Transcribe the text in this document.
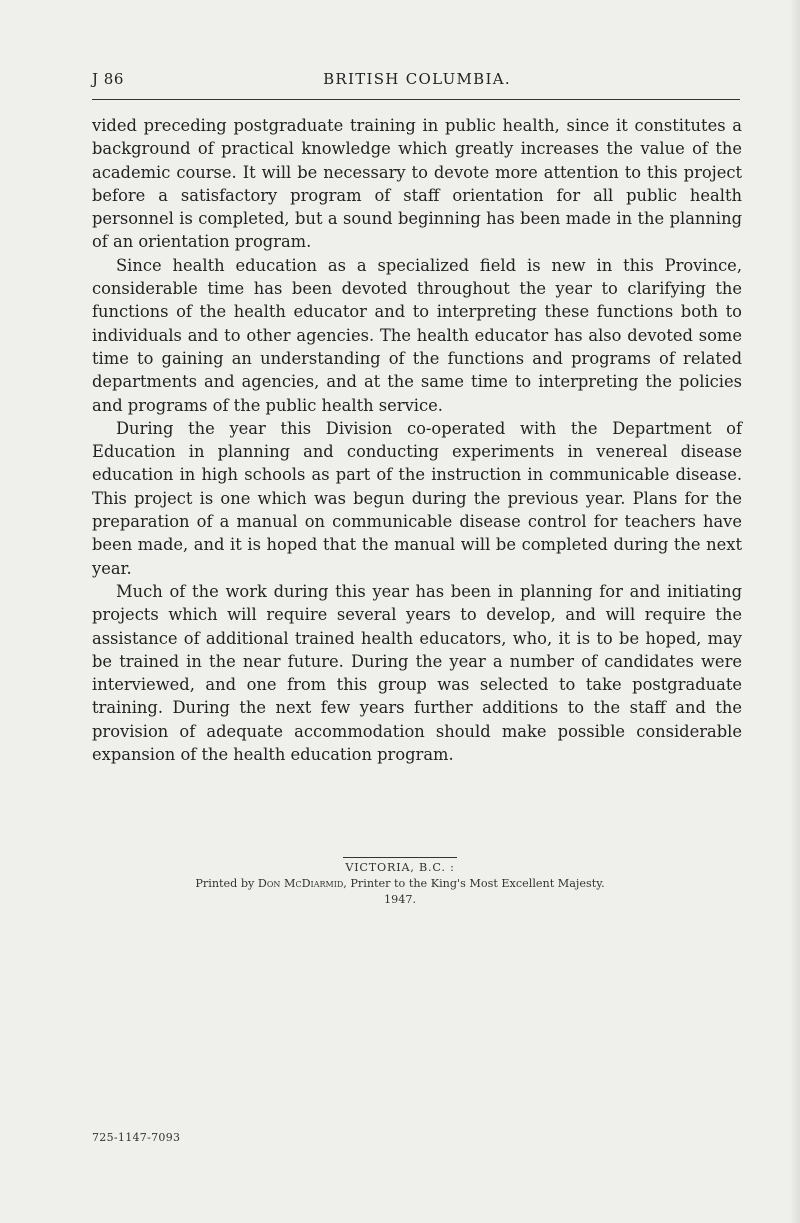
J 86	BRITISH COLUMBIA.

vided preceding postgraduate training in public health, since it constitutes a background of practical knowledge which greatly increases the value of the academic course. It will be necessary to devote more attention to this project before a satisfactory program of staff orientation for all public health personnel is completed, but a sound beginning has been made in the planning of an orientation program.

Since health education as a specialized field is new in this Province, considerable time has been devoted throughout the year to clarifying the functions of the health educator and to interpreting these functions both to individuals and to other agencies. The health educator has also devoted some time to gaining an understanding of the functions and programs of related departments and agencies, and at the same time to interpreting the policies and programs of the public health service.

During the year this Division co-operated with the Department of Education in planning and conducting experiments in venereal disease education in high schools as part of the instruction in communicable disease. This project is one which was begun during the previous year. Plans for the preparation of a manual on communicable disease control for teachers have been made, and it is hoped that the manual will be completed during the next year.

Much of the work during this year has been in planning for and initiating projects which will require several years to develop, and will require the assistance of additional trained health educators, who, it is to be hoped, may be trained in the near future. During the year a number of candidates were interviewed, and one from this group was selected to take postgraduate training. During the next few years further additions to the staff and the provision of adequate accommodation should make possible considerable expansion of the health education program.

VICTORIA, B.C. :
Printed by Don McDiarmid, Printer to the King's Most Excellent Majesty.
1947.
725-1147-7093
